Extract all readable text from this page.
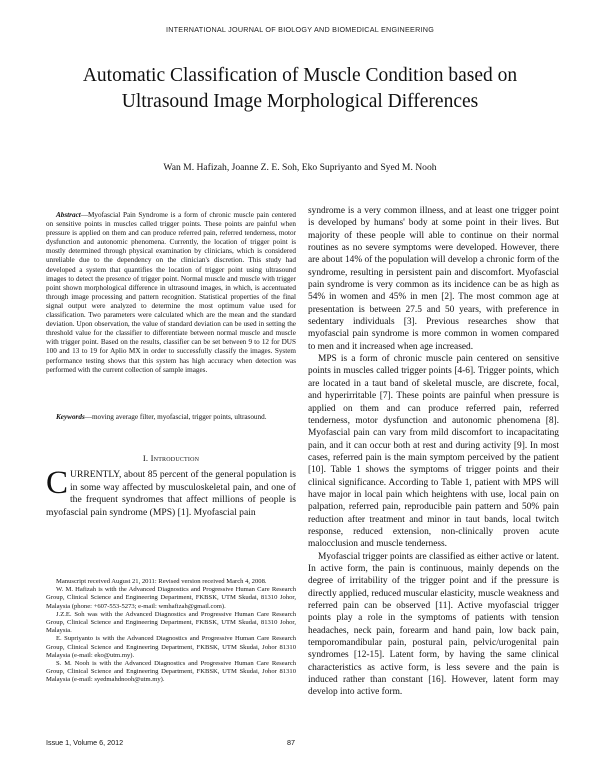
INTERNATIONAL JOURNAL OF BIOLOGY AND BIOMEDICAL ENGINEERING
Automatic Classification of Muscle Condition based on Ultrasound Image Morphological Differences
Wan M. Hafizah, Joanne Z. E. Soh, Eko Supriyanto and Syed M. Nooh

Abstract—Myofascial Pain Syndrome is a form of chronic muscle pain centered on sensitive points in muscles called trigger points. These points are painful when pressure is applied on them and can produce referred pain, referred tenderness, motor dysfunction and autonomic phenomena. Currently, the location of trigger point is mostly determined through physical examination by clinicians, which is considered unreliable due to the dependency on the clinician's discretion. This study had developed a system that quantifies the location of trigger point using ultrasound images to detect the presence of trigger point. Normal muscle and muscle with trigger point shown morphological difference in ultrasound images, in which, is accentuated through image processing and pattern recognition. Statistical properties of the final signal output were analyzed to determine the most optimum value used for classification. Two parameters were calculated which are the mean and the standard deviation. Upon observation, the value of standard deviation can be used in setting the threshold value for the classifier to differentiate between normal muscle and muscle with trigger point. Based on the results, classifier can be set between 9 to 12 for DUS 100 and 13 to 19 for Aplio MX in order to successfully classify the images. System performance testing shows that this system has high accuracy when detection was performed with the current collection of sample images.

Keywords—moving average filter, myofascial, trigger points, ultrasound.

I. Introduction

CURRENTLY, about 85 percent of the general population is in some way affected by musculoskeletal pain, and one of the frequent syndromes that affect millions of people is myofascial pain syndrome (MPS) [1]. Myofascial pain

Manuscript received August 21, 2011: Revised version received March 4, 2008.

W. M. Hafizah is with the Advanced Diagnostics and Progressive Human Care Research Group, Clinical Science and Engineering Department, FKBSK, UTM Skudai, 81310 Johor, Malaysia (phone: +607-553-5273; e-mail: wmhafizah@gmail.com).

J.Z.E. Soh was with the Advanced Diagnostics and Progressive Human Care Research Group, Clinical Science and Engineering Department, FKBSK, UTM Skudai, 81310 Johor, Malaysia.

E. Supriyanto is with the Advanced Diagnostics and Progressive Human Care Research Group, Clinical Science and Engineering Department, FKBSK, UTM Skudai, Johor 81310 Malaysia (e-mail: eko@utm.my).

S. M. Nooh is with the Advanced Diagnostics and Progressive Human Care Research Group, Clinical Science and Engineering Department, FKBSK, UTM Skudai, Johor 81310 Malaysia (e-mail: syedmahdnooh@utm.my).

syndrome is a very common illness, and at least one trigger point is developed by humans' body at some point in their lives. But majority of these people will able to continue on their normal routines as no severe symptoms were developed. However, there are about 14% of the population will develop a chronic form of the syndrome, resulting in persistent pain and discomfort. Myofascial pain syndrome is very common as its incidence can be as high as 54% in women and 45% in men [2]. The most common age at presentation is between 27.5 and 50 years, with preference in sedentary individuals [3]. Previous researches show that myofascial pain syndrome is more common in women compared to men and it increased when age increased.

MPS is a form of chronic muscle pain centered on sensitive points in muscles called trigger points [4-6]. Trigger points, which are located in a taut band of skeletal muscle, are discrete, focal, and hyperirritable [7]. These points are painful when pressure is applied on them and can produce referred pain, referred tenderness, motor dysfunction and autonomic phenomena [8]. Myofascial pain can vary from mild discomfort to incapacitating pain, and it can occur both at rest and during activity [9]. In most cases, referred pain is the main symptom perceived by the patient [10]. Table 1 shows the symptoms of trigger points and their clinical significance. According to Table 1, patient with MPS will have major in local pain which heightens with use, local pain on palpation, referred pain, reproducible pain pattern and 50% pain reduction after treatment and minor in taut bands, local twitch response, reduced extension, non-clinically proven acute malocclusion and muscle tenderness.

Myofascial trigger points are classified as either active or latent. In active form, the pain is continuous, mainly depends on the degree of irritability of the trigger point and if the pressure is directly applied, reduced muscular elasticity, muscle weakness and referred pain can be observed [11]. Active myofascial trigger points play a role in the symptoms of patients with tension headaches, neck pain, forearm and hand pain, low back pain, temporomandibular pain, postural pain, pelvic/urogenital pain syndromes [12-15]. Latent form, by having the same clinical characteristics as active form, is less severe and the pain is induced rather than constant [16]. However, latent form may develop into active form.

Issue 1, Volume 6, 2012	87
